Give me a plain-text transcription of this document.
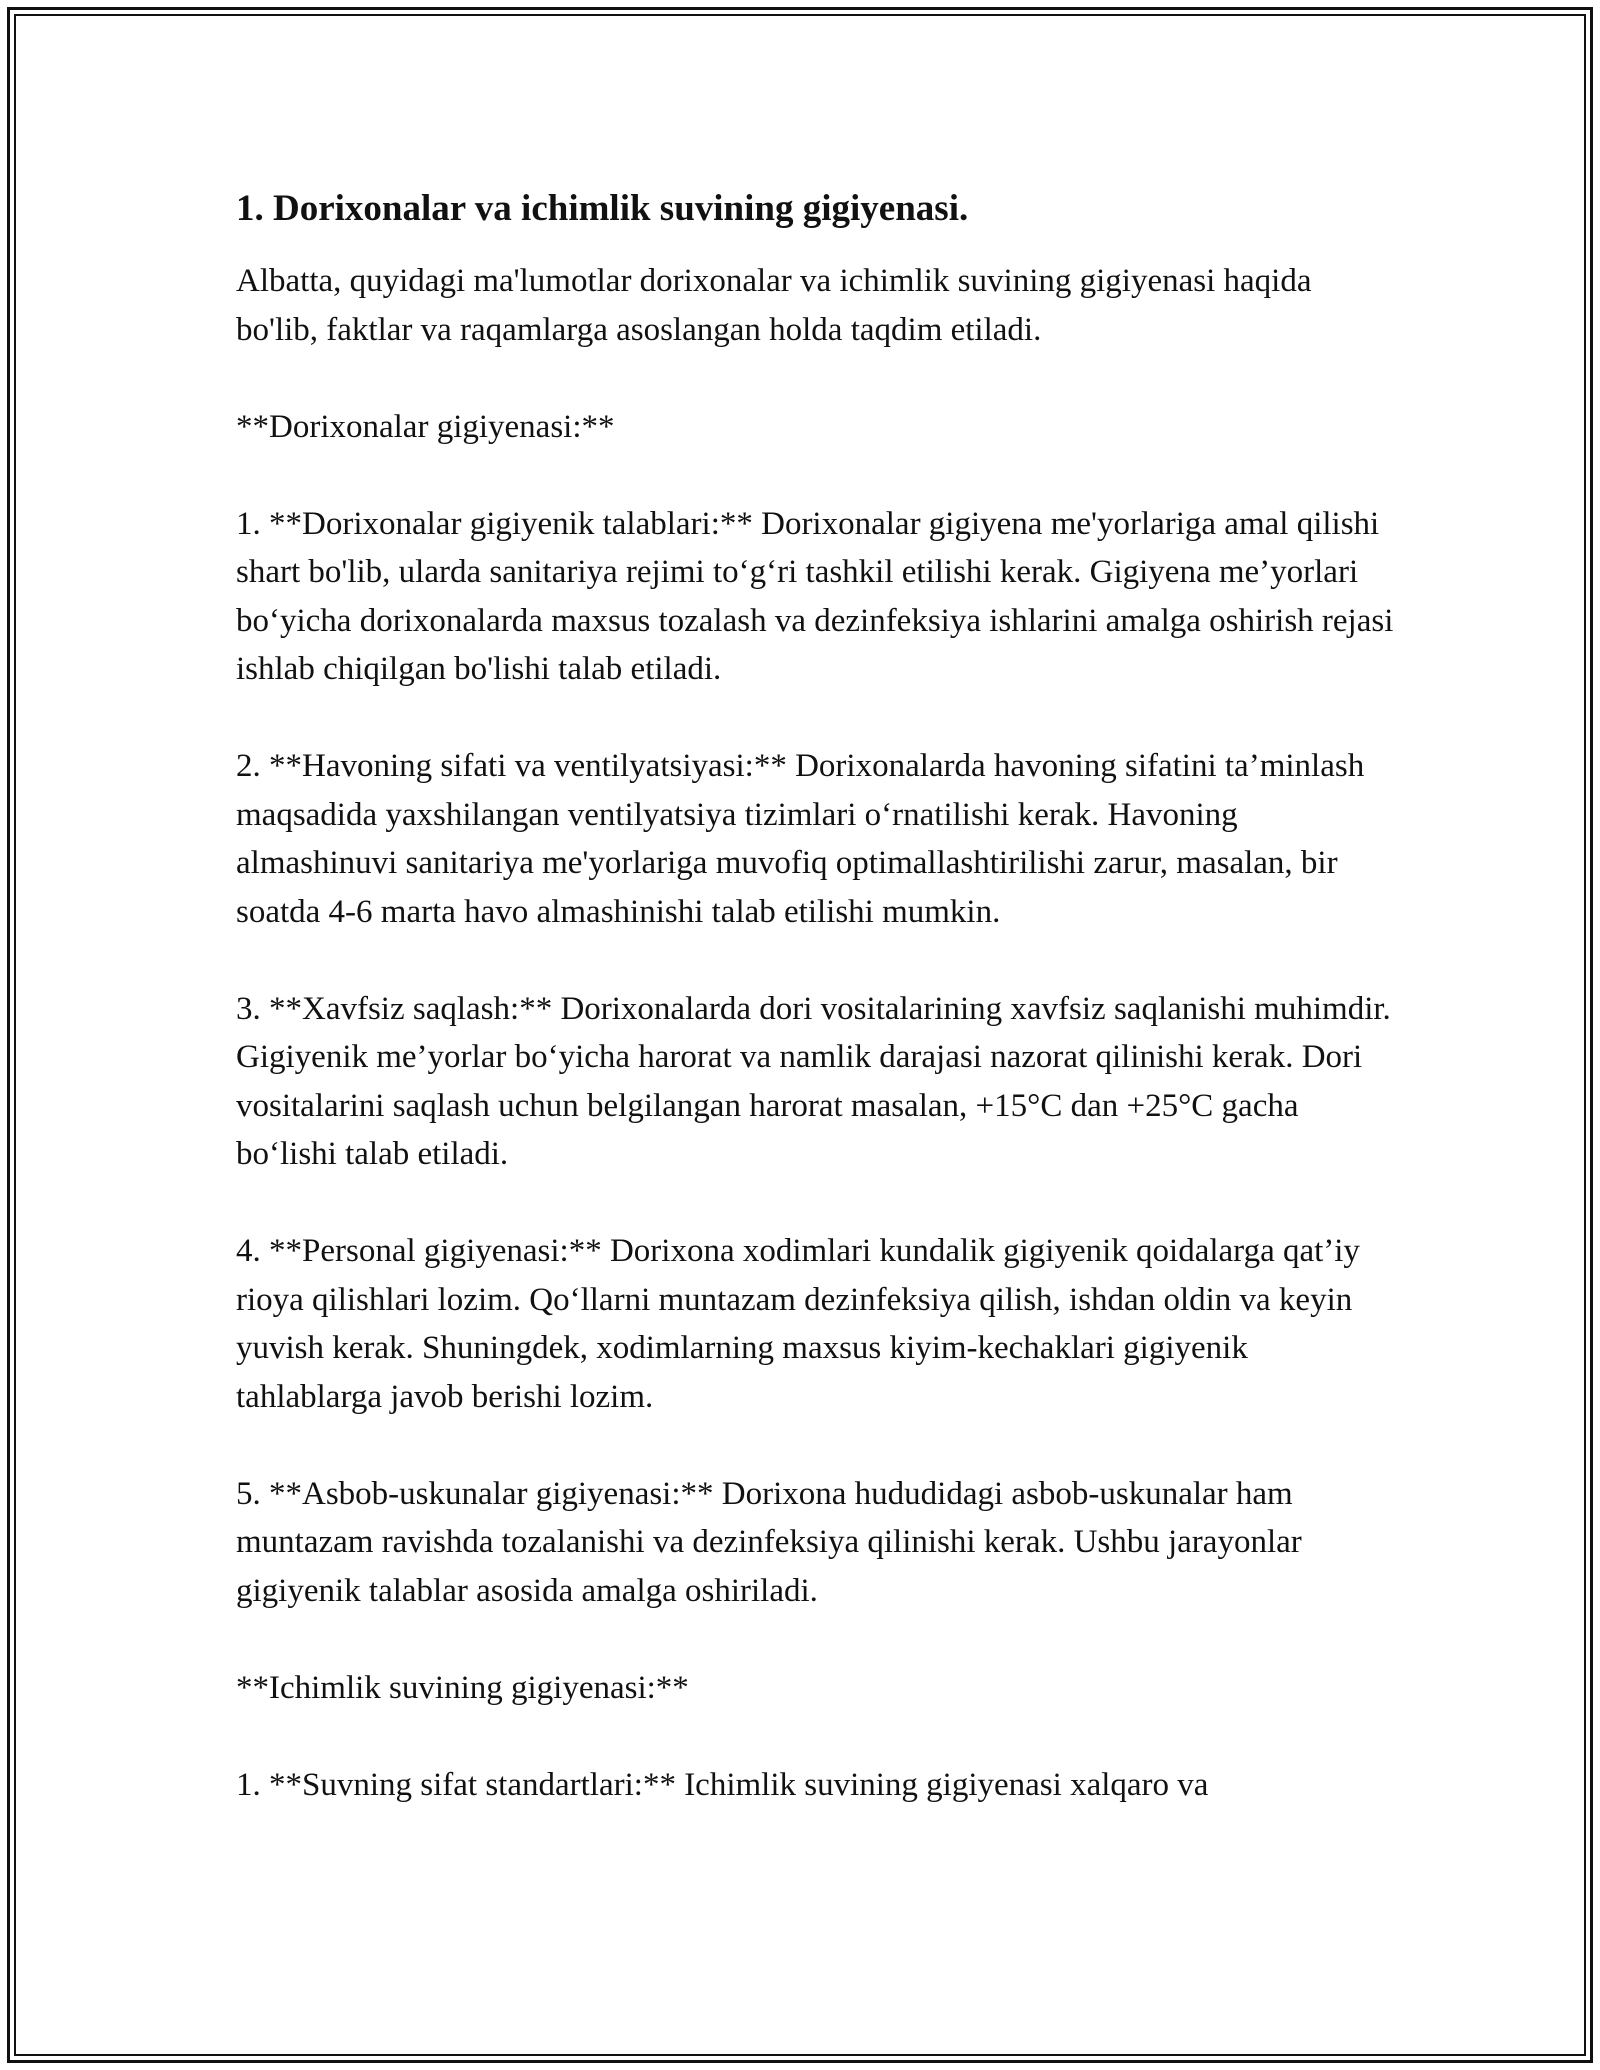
1. Dorixonalar va ichimlik suvining gigiyenasi.

Albatta, quyidagi ma'lumotlar dorixonalar va ichimlik suvining gigiyenasi haqida bo'lib, faktlar va raqamlarga asoslangan holda taqdim etiladi.

**Dorixonalar gigiyenasi:**

1. **Dorixonalar gigiyenik talablari:** Dorixonalar gigiyena me'yorlariga amal qilishi shart bo'lib, ularda sanitariya rejimi to‘g‘ri tashkil etilishi kerak. Gigiyena me’yorlari bo‘yicha dorixonalarda maxsus tozalash va dezinfeksiya ishlarini amalga oshirish rejasi ishlab chiqilgan bo'lishi talab etiladi.

2. **Havoning sifati va ventilyatsiyasi:** Dorixonalarda havoning sifatini ta’minlash maqsadida yaxshilangan ventilyatsiya tizimlari o‘rnatilishi kerak. Havoning almashinuvi sanitariya me'yorlariga muvofiq optimallashtirilishi zarur, masalan, bir soatda 4-6 marta havo almashinishi talab etilishi mumkin.

3. **Xavfsiz saqlash:** Dorixonalarda dori vositalarining xavfsiz saqlanishi muhimdir. Gigiyenik me’yorlar bo‘yicha harorat va namlik darajasi nazorat qilinishi kerak. Dori vositalarini saqlash uchun belgilangan harorat masalan, +15°C dan +25°C gacha bo‘lishi talab etiladi.

4. **Personal gigiyenasi:** Dorixona xodimlari kundalik gigiyenik qoidalarga qat’iy rioya qilishlari lozim. Qo‘llarni muntazam dezinfeksiya qilish, ishdan oldin va keyin yuvish kerak. Shuningdek, xodimlarning maxsus kiyim-kechaklari gigiyenik tahlablarga javob berishi lozim.

5. **Asbob-uskunalar gigiyenasi:** Dorixona hududidagi asbob-uskunalar ham muntazam ravishda tozalanishi va dezinfeksiya qilinishi kerak. Ushbu jarayonlar gigiyenik talablar asosida amalga oshiriladi.

**Ichimlik suvining gigiyenasi:**

1. **Suvning sifat standartlari:** Ichimlik suvining gigiyenasi xalqaro va
